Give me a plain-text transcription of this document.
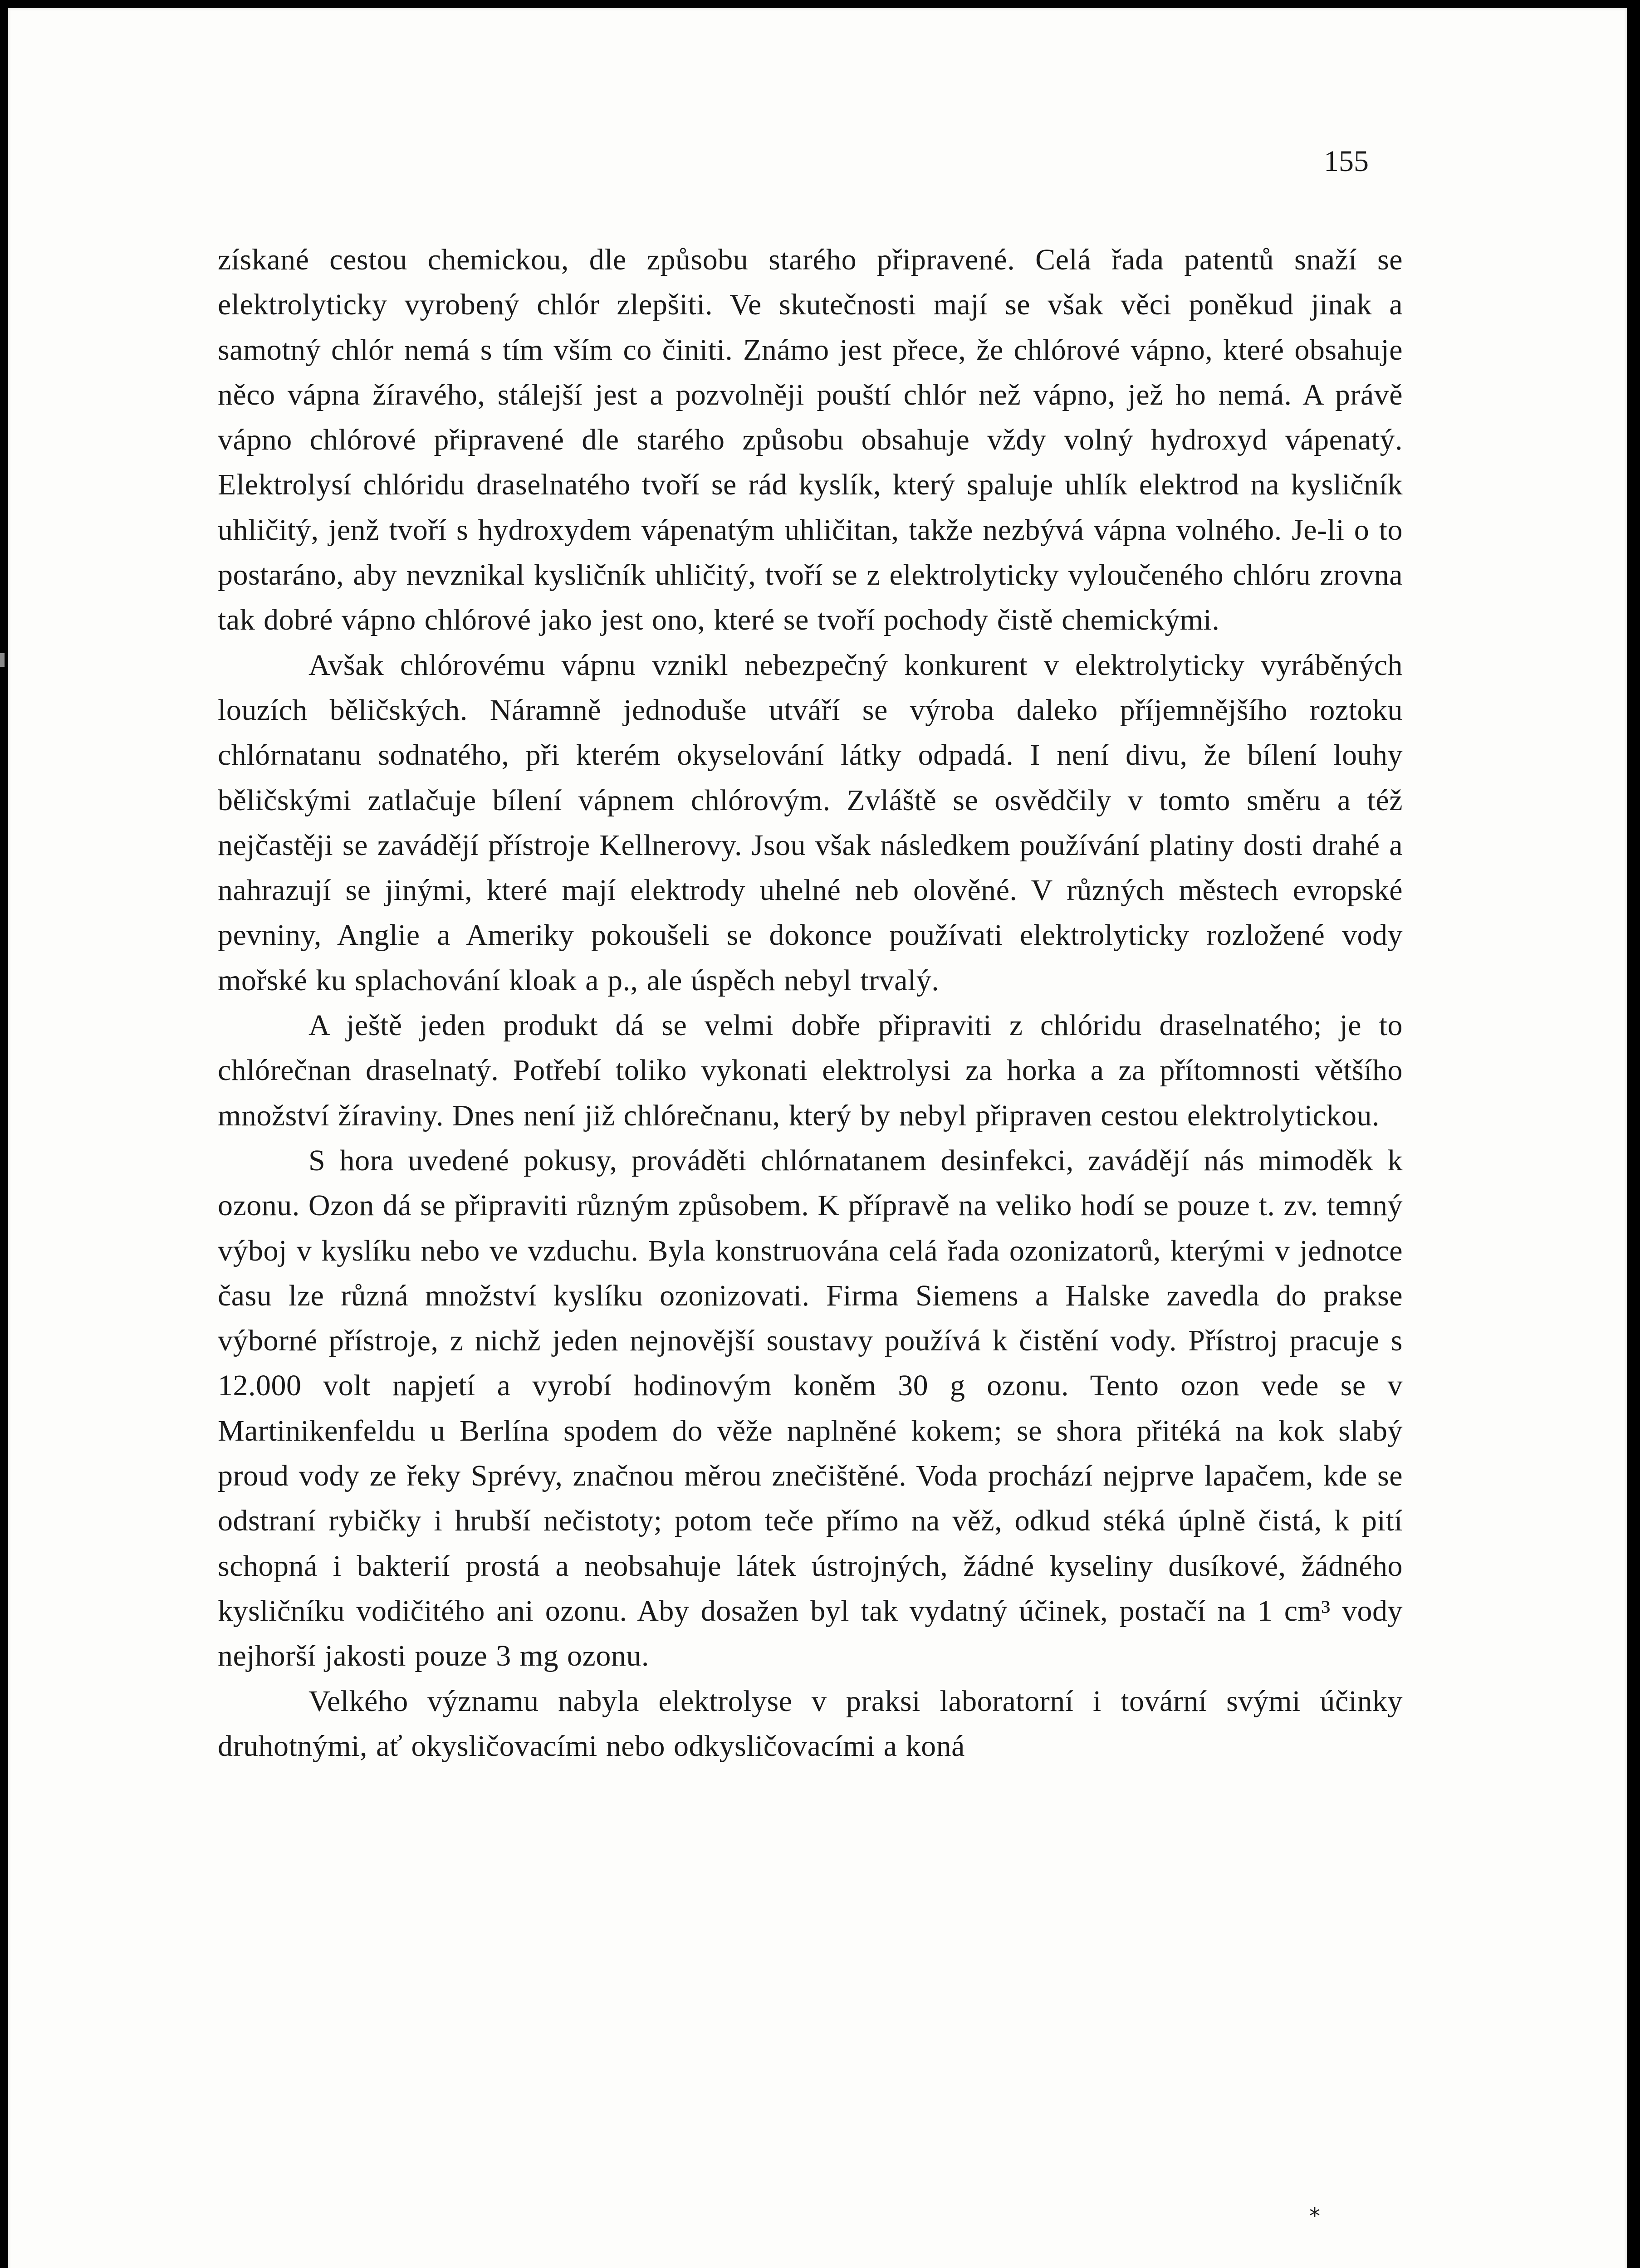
155

získané cestou chemickou, dle způsobu starého připravené. Celá řada patentů snaží se elektrolyticky vyrobený chlór zlepšiti. Ve skutečnosti mají se však věci poněkud jinak a samotný chlór nemá s tím vším co činiti. Známo jest přece, že chlórové vápno, které obsahuje něco vápna žíravého, stálejší jest a pozvolněji pouští chlór než vápno, jež ho nemá. A právě vápno chlórové připravené dle starého způsobu obsahuje vždy volný hydroxyd vápenatý. Elektrolysí chlóridu draselnatého tvoří se rád kyslík, který spaluje uhlík elektrod na kysličník uhličitý, jenž tvoří s hydroxydem vápenatým uhličitan, takže nezbývá vápna volného. Je-li o to postaráno, aby nevznikal kysličník uhličitý, tvoří se z elektrolyticky vyloučeného chlóru zrovna tak dobré vápno chlórové jako jest ono, které se tvoří pochody čistě chemickými.

Avšak chlórovému vápnu vznikl nebezpečný konkurent v elektrolyticky vyráběných louzích běličských. Náramně jednoduše utváří se výroba daleko příjemnějšího roztoku chlórnatanu sodnatého, při kterém okyselování látky odpadá. I není divu, že bílení louhy běličskými zatlačuje bílení vápnem chlórovým. Zvláště se osvědčily v tomto směru a též nejčastěji se zavádějí přístroje Kellnerovy. Jsou však následkem používání platiny dosti drahé a nahrazují se jinými, které mají elektrody uhelné neb olověné. V různých městech evropské pevniny, Anglie a Ameriky pokoušeli se dokonce používati elektrolyticky rozložené vody mořské ku splachování kloak a p., ale úspěch nebyl trvalý.

A ještě jeden produkt dá se velmi dobře připraviti z chlóridu draselnatého; je to chlórečnan draselnatý. Potřebí toliko vykonati elektrolysi za horka a za přítomnosti většího množství žíraviny. Dnes není již chlórečnanu, který by nebyl připraven cestou elektrolytickou.

S hora uvedené pokusy, prováděti chlórnatanem desinfekci, zavádějí nás mimoděk k ozonu. Ozon dá se připraviti různým způsobem. K přípravě na veliko hodí se pouze t. zv. temný výboj v kyslíku nebo ve vzduchu. Byla konstruována celá řada ozonizatorů, kterými v jednotce času lze různá množství kyslíku ozonizovati. Firma Siemens a Halske zavedla do prakse výborné přístroje, z nichž jeden nejnovější soustavy používá k čistění vody. Přístroj pracuje s 12.000 volt napjetí a vyrobí hodinovým koněm 30 g ozonu. Tento ozon vede se v Martinikenfeldu u Berlína spodem do věže naplněné kokem; se shora přitéká na kok slabý proud vody ze řeky Sprévy, značnou měrou znečištěné. Voda prochází nejprve lapačem, kde se odstraní rybičky i hrubší nečistoty; potom teče přímo na věž, odkud stéká úplně čistá, k pití schopná i bakterií prostá a neobsahuje látek ústrojných, žádné kyseliny dusíkové, žádného kysličníku vodičitého ani ozonu. Aby dosažen byl tak vydatný účinek, postačí na 1 cm³ vody nejhorší jakosti pouze 3 mg ozonu.

Velkého významu nabyla elektrolyse v praksi laboratorní i tovární svými účinky druhotnými, ať okysličovacími nebo odkysličovacími a koná

*
